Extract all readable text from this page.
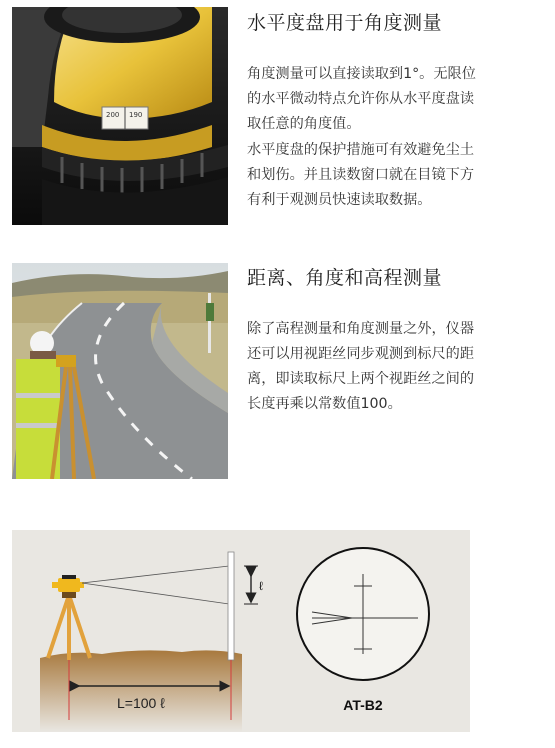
200 190
水平度盘用于角度测量

角度测量可以直接读取到1°。无限位的水平微动特点允许你从水平度盘读取任意的角度值。

水平度盘的保护措施可有效避免尘土和划伤。并且读数窗口就在目镜下方有利于观测员快速读取数据。

距离、角度和高程测量

除了高程测量和角度测量之外，仪器还可以用视距丝同步观测到标尺的距离，即读取标尺上两个视距丝之间的长度再乘以常数值100。

ℓ
L=100 ℓ	AT-B2
